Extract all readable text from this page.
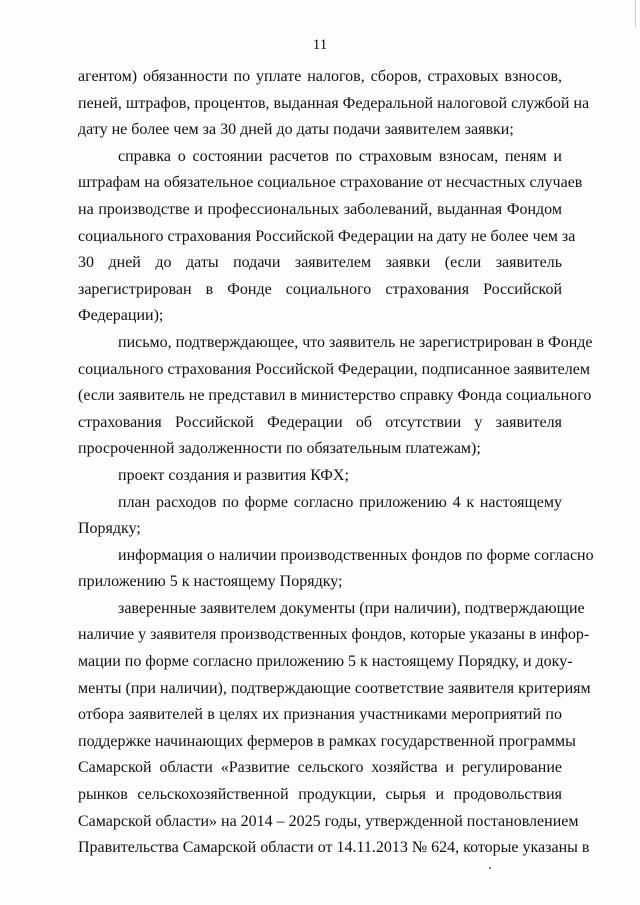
11
агентом) обязанности по уплате налогов, сборов, страховых взносов,
пеней, штрафов, процентов, выданная Федеральной налоговой службой на
дату не более чем за 30 дней до даты подачи заявителем заявки;
справка о состоянии расчетов по страховым взносам, пеням и
штрафам на обязательное социальное страхование от несчастных случаев
на производстве и профессиональных заболеваний, выданная Фондом
социального страхования Российской Федерации на дату не более чем за
30 дней до даты подачи заявителем заявки (если заявитель
зарегистрирован в Фонде социального страхования Российской
Федерации);
письмо, подтверждающее, что заявитель не зарегистрирован в Фонде
социального страхования Российской Федерации, подписанное заявителем
(если заявитель не представил в министерство справку Фонда социального
страхования Российской Федерации об отсутствии у заявителя
просроченной задолженности по обязательным платежам);
проект создания и развития КФХ;
план расходов по форме согласно приложению 4 к настоящему
Порядку;
информация о наличии производственных фондов по форме согласно
приложению 5 к настоящему Порядку;
заверенные заявителем документы (при наличии), подтверждающие
наличие у заявителя производственных фондов, которые указаны в инфор-
мации по форме согласно приложению 5 к настоящему Порядку, и доку-
менты (при наличии), подтверждающие соответствие заявителя критериям
отбора заявителей в целях их признания участниками мероприятий по
поддержке начинающих фермеров в рамках государственной программы
Самарской области «Развитие сельского хозяйства и регулирование
рынков сельскохозяйственной продукции, сырья и продовольствия
Самарской области» на 2014 – 2025 годы, утвержденной постановлением
Правительства Самарской области от 14.11.2013 № 624, которые указаны в
